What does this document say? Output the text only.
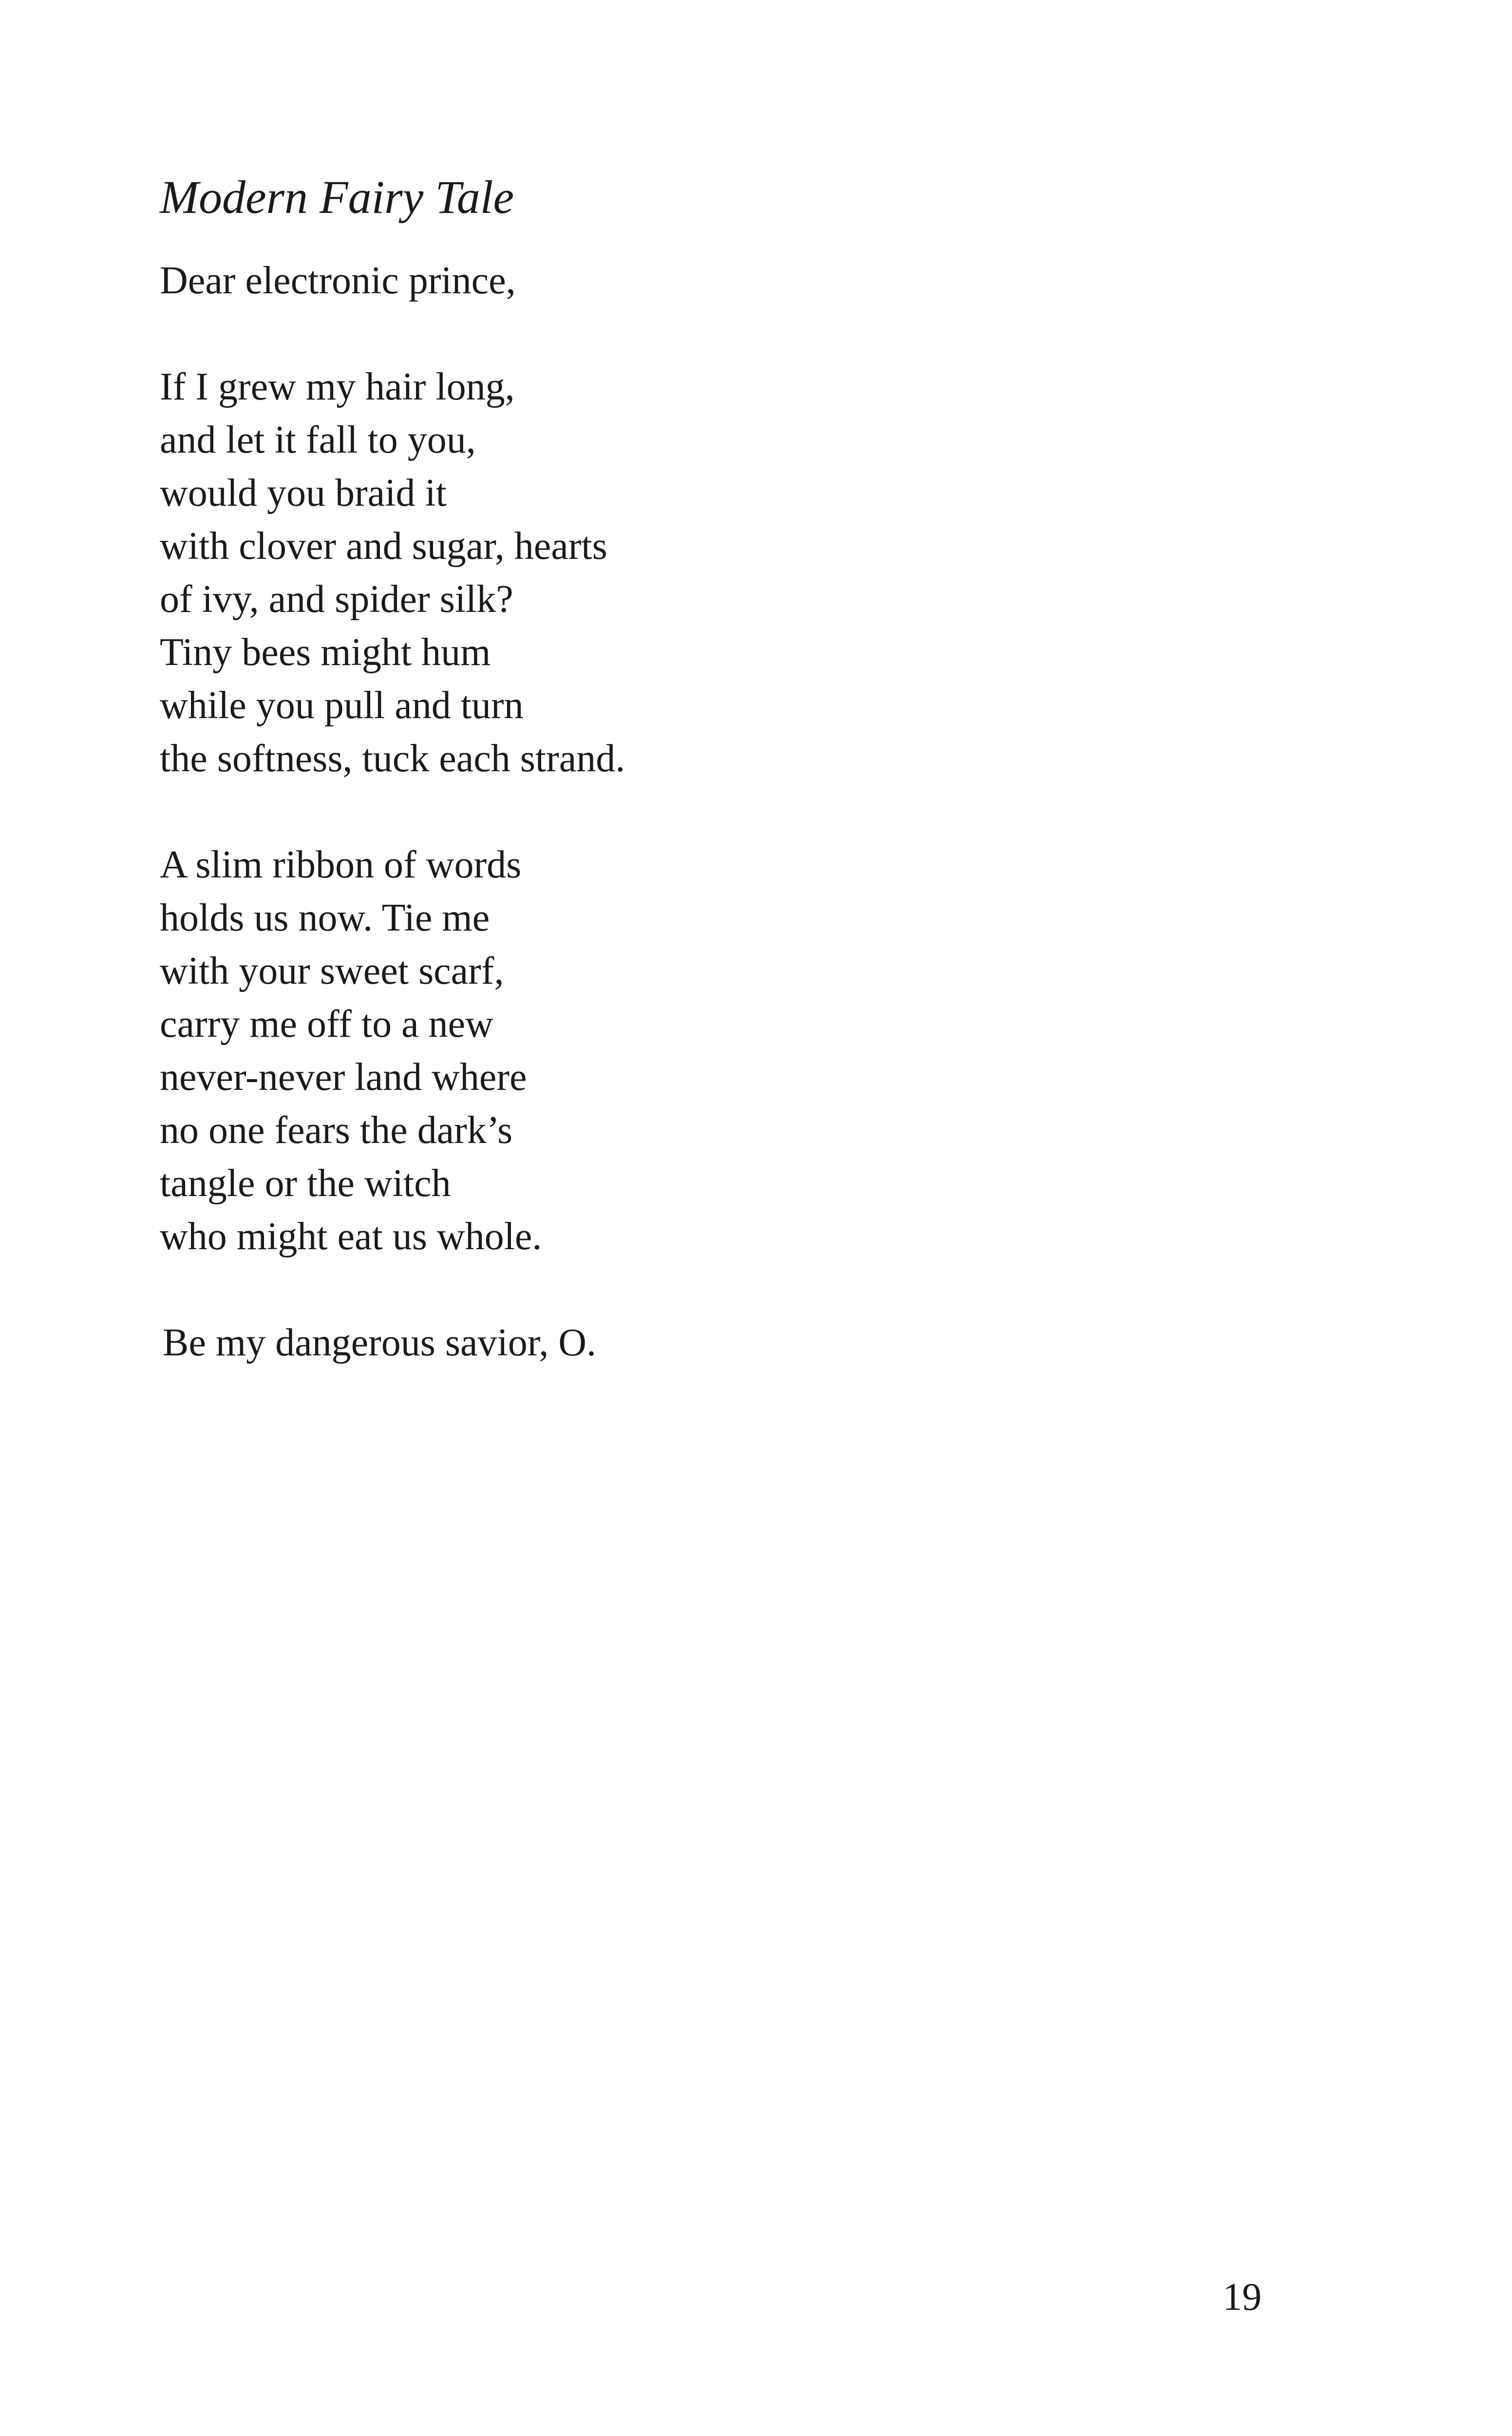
Modern Fairy Tale
Dear electronic prince,
If I grew my hair long,
and let it fall to you,
would you braid it
with clover and sugar, hearts
of ivy, and spider silk?
Tiny bees might hum
while you pull and turn
the softness, tuck each strand.
A slim ribbon of words
holds us now. Tie me
with your sweet scarf,
carry me off to a new
never-never land where
no one fears the dark’s
tangle or the witch
who might eat us whole.
Be my dangerous savior, O.
19
